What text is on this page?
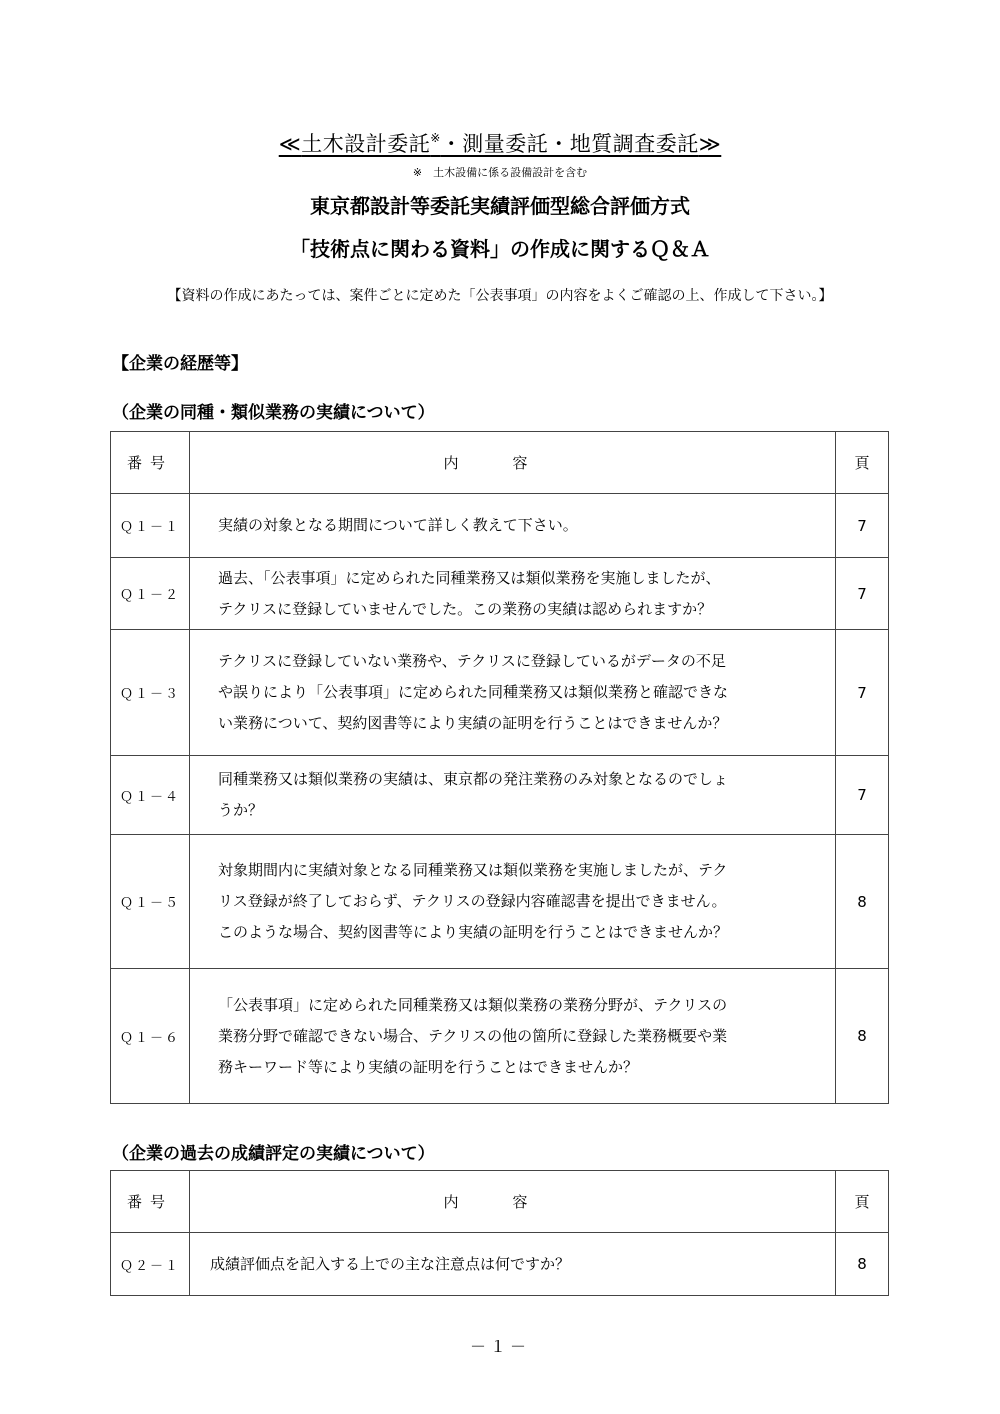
≪土木設計委託※・測量委託・地質調査委託≫
※　土木設備に係る設備設計を含む
東京都設計等委託実績評価型総合評価方式
「技術点に関わる資料」の作成に関するＱ＆Ａ
【資料の作成にあたっては、案件ごとに定めた「公表事項」の内容をよくご確認の上、作成して下さい。】
【企業の経歴等】
（企業の同種・類似業務の実績について）
番号	内容	頁
Ｑ１－１	実績の対象となる期間について詳しく教えて下さい。	7
Ｑ１－２	過去、「公表事項」に定められた同種業務又は類似業務を実施しましたが、
テクリスに登録していませんでした。この業務の実績は認められますか？	7
Ｑ１－３	テクリスに登録していない業務や、テクリスに登録しているがデータの不足
や誤りにより「公表事項」に定められた同種業務又は類似業務と確認できな
い業務について、契約図書等により実績の証明を行うことはできませんか？	7
Ｑ１－４	同種業務又は類似業務の実績は、東京都の発注業務のみ対象となるのでしょ
うか？	7
Ｑ１－５	対象期間内に実績対象となる同種業務又は類似業務を実施しましたが、テク
リス登録が終了しておらず、テクリスの登録内容確認書を提出できません。
このような場合、契約図書等により実績の証明を行うことはできませんか？	8
Ｑ１－６	「公表事項」に定められた同種業務又は類似業務の業務分野が、テクリスの
業務分野で確認できない場合、テクリスの他の箇所に登録した業務概要や業
務キーワード等により実績の証明を行うことはできませんか？	8
（企業の過去の成績評定の実績について）
番号	内容	頁
Ｑ２－１	成績評価点を記入する上での主な注意点は何ですか？	8
－１－
